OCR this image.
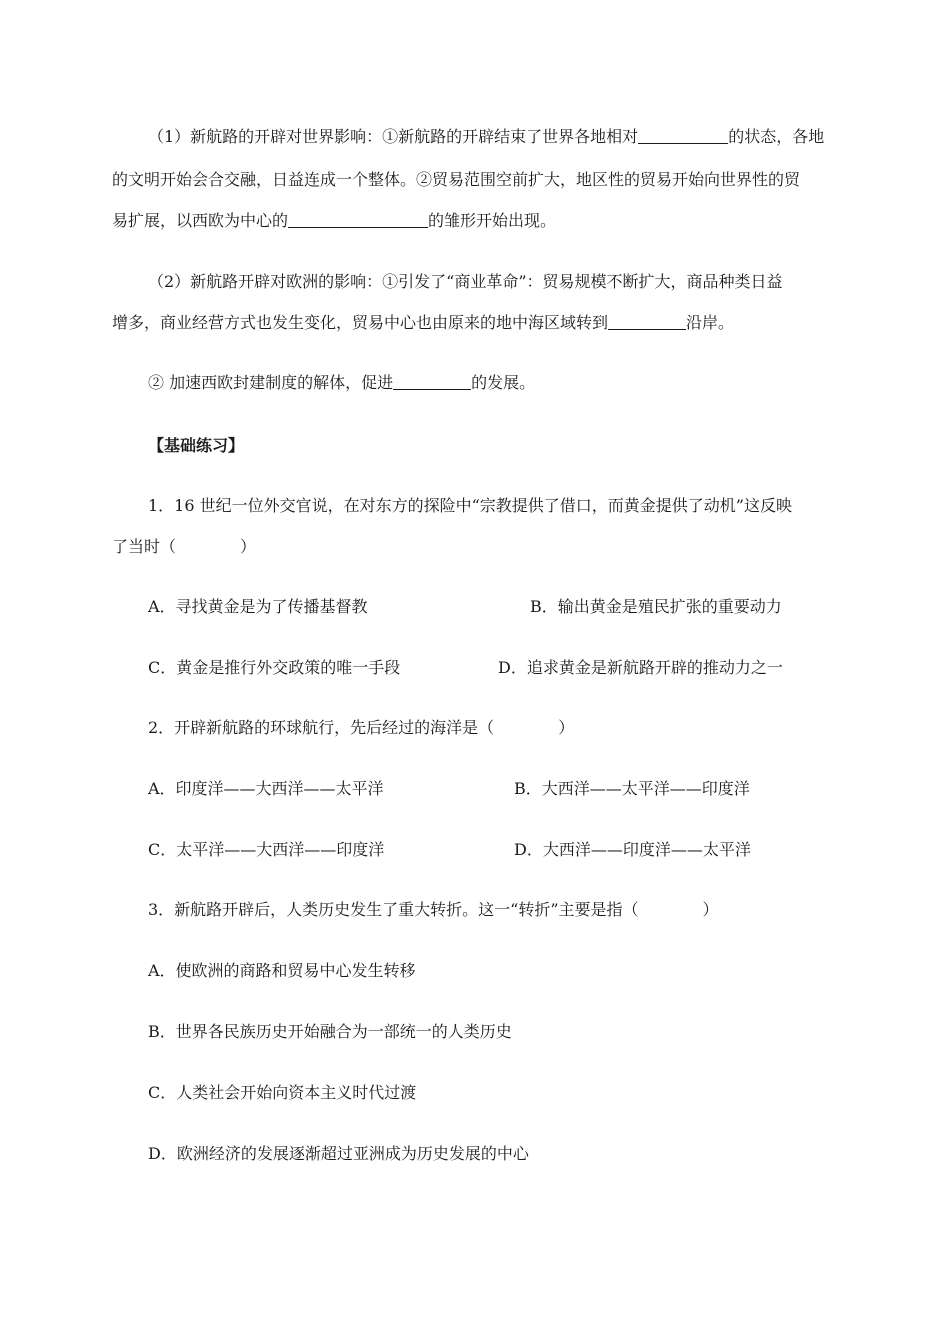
（1）新航路的开辟对世界影响：①新航路的开辟结束了世界各地相对	的状态，各地
的文明开始会合交融，日益连成一个整体。②贸易范围空前扩大，地区性的贸易开始向世界性的贸
易扩展，以西欧为中心的	的雏形开始出现。
（2）新航路开辟对欧洲的影响：①引发了“商业革命”：贸易规模不断扩大，商品种类日益
增多，商业经营方式也发生变化，贸易中心也由原来的地中海区域转到	沿岸。
② 加速西欧封建制度的解体，促进	的发展。
【基础练习】
1．16 世纪一位外交官说，在对东方的探险中“宗教提供了借口，而黄金提供了动机”这反映
了当时（	）
A．寻找黄金是为了传播基督教	B．输出黄金是殖民扩张的重要动力
C．黄金是推行外交政策的唯一手段	D．追求黄金是新航路开辟的推动力之一
2．开辟新航路的环球航行，先后经过的海洋是（	）
A．印度洋——大西洋——太平洋	B．大西洋——太平洋——印度洋
C．太平洋——大西洋——印度洋	D．大西洋——印度洋——太平洋
3．新航路开辟后，人类历史发生了重大转折。这一“转折”主要是指（	）
A．使欧洲的商路和贸易中心发生转移
B．世界各民族历史开始融合为一部统一的人类历史
C．人类社会开始向资本主义时代过渡
D．欧洲经济的发展逐渐超过亚洲成为历史发展的中心
